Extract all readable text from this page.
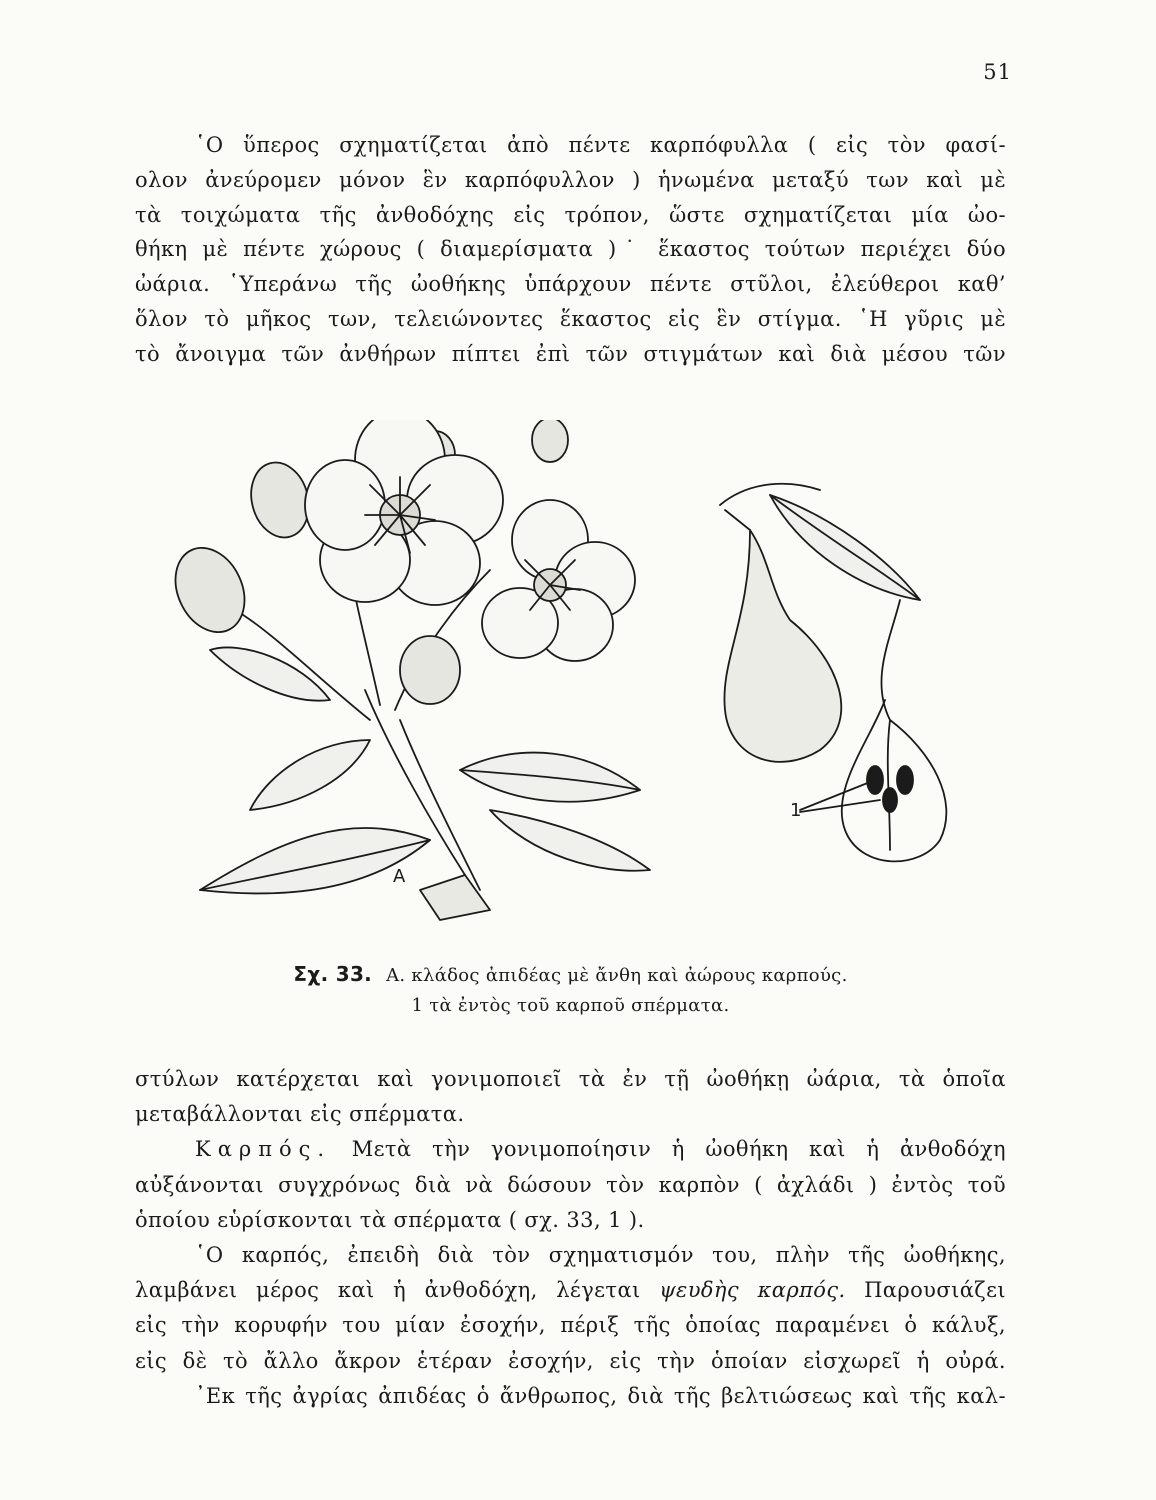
51
῾Ο ὕπερος σχηματίζεται ἀπὸ πέντε καρπόφυλλα ( εἰς τὸν φασί-
ολον ἀνεύρομεν μόνον ἓν καρπόφυλλον ) ἡνωμένα μεταξύ των καὶ μὲ
τὰ τοιχώματα τῆς ἀνθοδόχης εἰς τρόπον, ὥστε σχηματίζεται μία ὠο-
θήκη μὲ πέντε χώρους ( διαμερίσματα )˙ ἕκαστος τούτων περιέχει δύο
ὠάρια. ῾Υπεράνω τῆς ὠοθήκης ὑπάρχουν πέντε στῦλοι, ἐλεύθεροι καθ’
ὅλον τὸ μῆκος των, τελειώνοντες ἕκαστος εἰς ἓν στίγμα. ῾Η γῦρις μὲ
τὸ ἄνοιγμα τῶν ἀνθήρων πίπτει ἐπὶ τῶν στιγμάτων καὶ διὰ μέσου τῶν
Α
1
Σχ. 33. Α. κλάδος ἀπιδέας μὲ ἄνθη καὶ ἀώρους καρπούς.
1 τὰ ἐντὸς τοῦ καρποῦ σπέρματα.
στύλων κατέρχεται καὶ γονιμοποιεῖ τὰ ἐν τῇ ὠοθήκῃ ὠάρια, τὰ ὁποῖα
μεταβάλλονται εἰς σπέρματα.
Καρπός. Μετὰ τὴν γονιμοποίησιν ἡ ὠοθήκη καὶ ἡ ἀνθοδόχη
αὐξάνονται συγχρόνως διὰ νὰ δώσουν τὸν καρπὸν ( ἀχλάδι ) ἐντὸς τοῦ
ὁποίου εὑρίσκονται τὰ σπέρματα ( σχ. 33, 1 ).
῾Ο καρπός, ἐπειδὴ διὰ τὸν σχηματισμόν του, πλὴν τῆς ὠοθήκης,
λαμβάνει μέρος καὶ ἡ ἀνθοδόχη, λέγεται ψευδὴς καρπός. Παρουσιάζει
εἰς τὴν κορυφήν του μίαν ἐσοχήν, πέριξ τῆς ὁποίας παραμένει ὁ κάλυξ,
εἰς δὲ τὸ ἄλλο ἄκρον ἑτέραν ἐσοχήν, εἰς τὴν ὁποίαν εἰσχωρεῖ ἡ οὐρά.
᾿Εκ τῆς ἀγρίας ἀπιδέας ὁ ἄνθρωπος, διὰ τῆς βελτιώσεως καὶ τῆς καλ-
